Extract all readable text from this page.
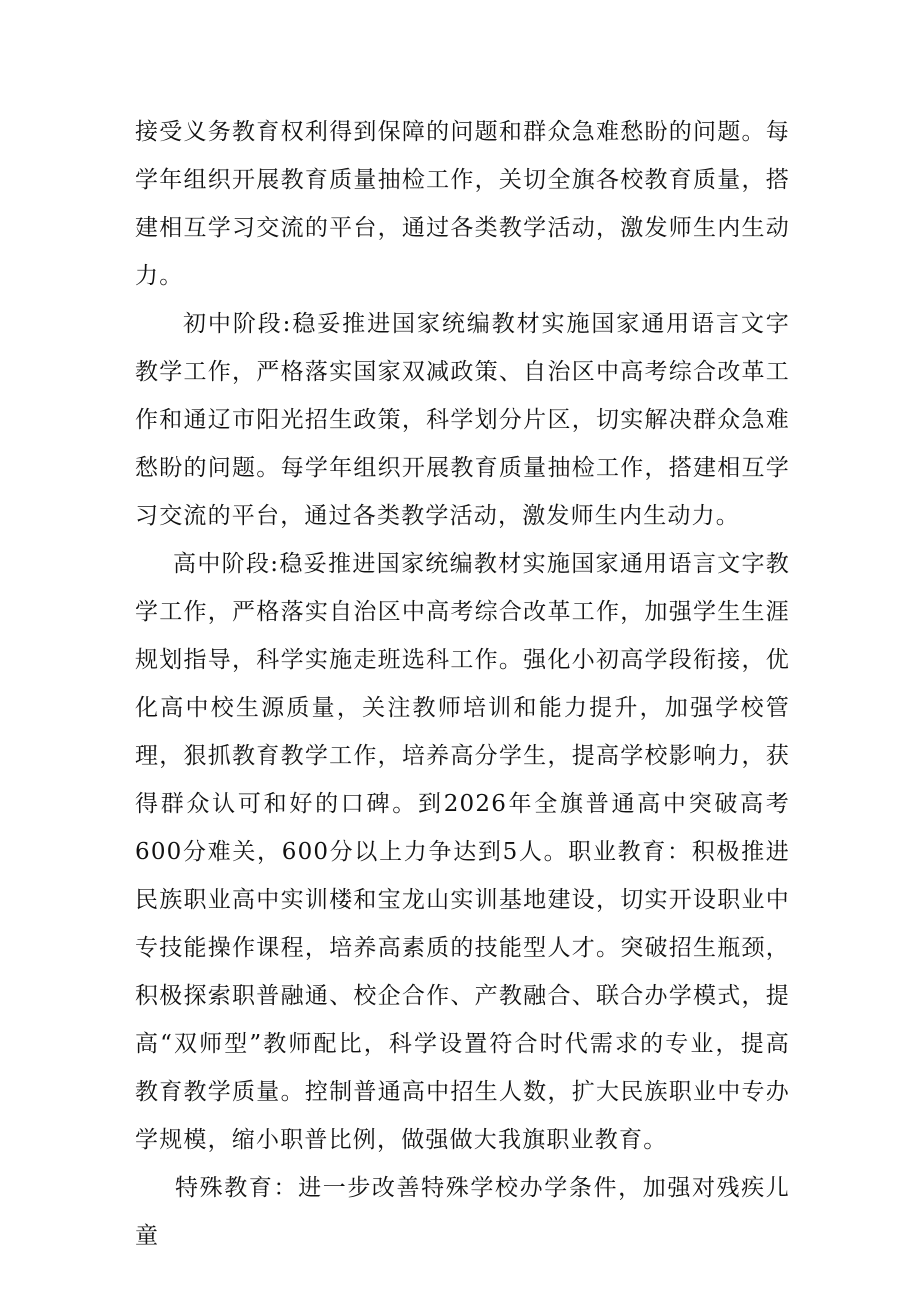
接受义务教育权利得到保障的问题和群众急难愁盼的问题。每学年组织开展教育质量抽检工作，关切全旗各校教育质量，搭建相互学习交流的平台，通过各类教学活动，激发师生内生动力。

初中阶段:稳妥推进国家统编教材实施国家通用语言文字教学工作，严格落实国家双减政策、自治区中高考综合改革工作和通辽市阳光招生政策，科学划分片区，切实解决群众急难愁盼的问题。每学年组织开展教育质量抽检工作，搭建相互学习交流的平台，通过各类教学活动，激发师生内生动力。

高中阶段:稳妥推进国家统编教材实施国家通用语言文字教学工作，严格落实自治区中高考综合改革工作，加强学生生涯规划指导，科学实施走班选科工作。强化小初高学段衔接，优化高中校生源质量，关注教师培训和能力提升，加强学校管理，狠抓教育教学工作，培养高分学生，提高学校影响力，获得群众认可和好的口碑。到2026年全旗普通高中突破高考600分难关，600分以上力争达到5人。职业教育：积极推进民族职业高中实训楼和宝龙山实训基地建设，切实开设职业中专技能操作课程，培养高素质的技能型人才。突破招生瓶颈，积极探索职普融通、校企合作、产教融合、联合办学模式，提高“双师型”教师配比，科学设置符合时代需求的专业，提高教育教学质量。控制普通高中招生人数，扩大民族职业中专办学规模，缩小职普比例，做强做大我旗职业教育。

特殊教育：进一步改善特殊学校办学条件，加强对残疾儿童
